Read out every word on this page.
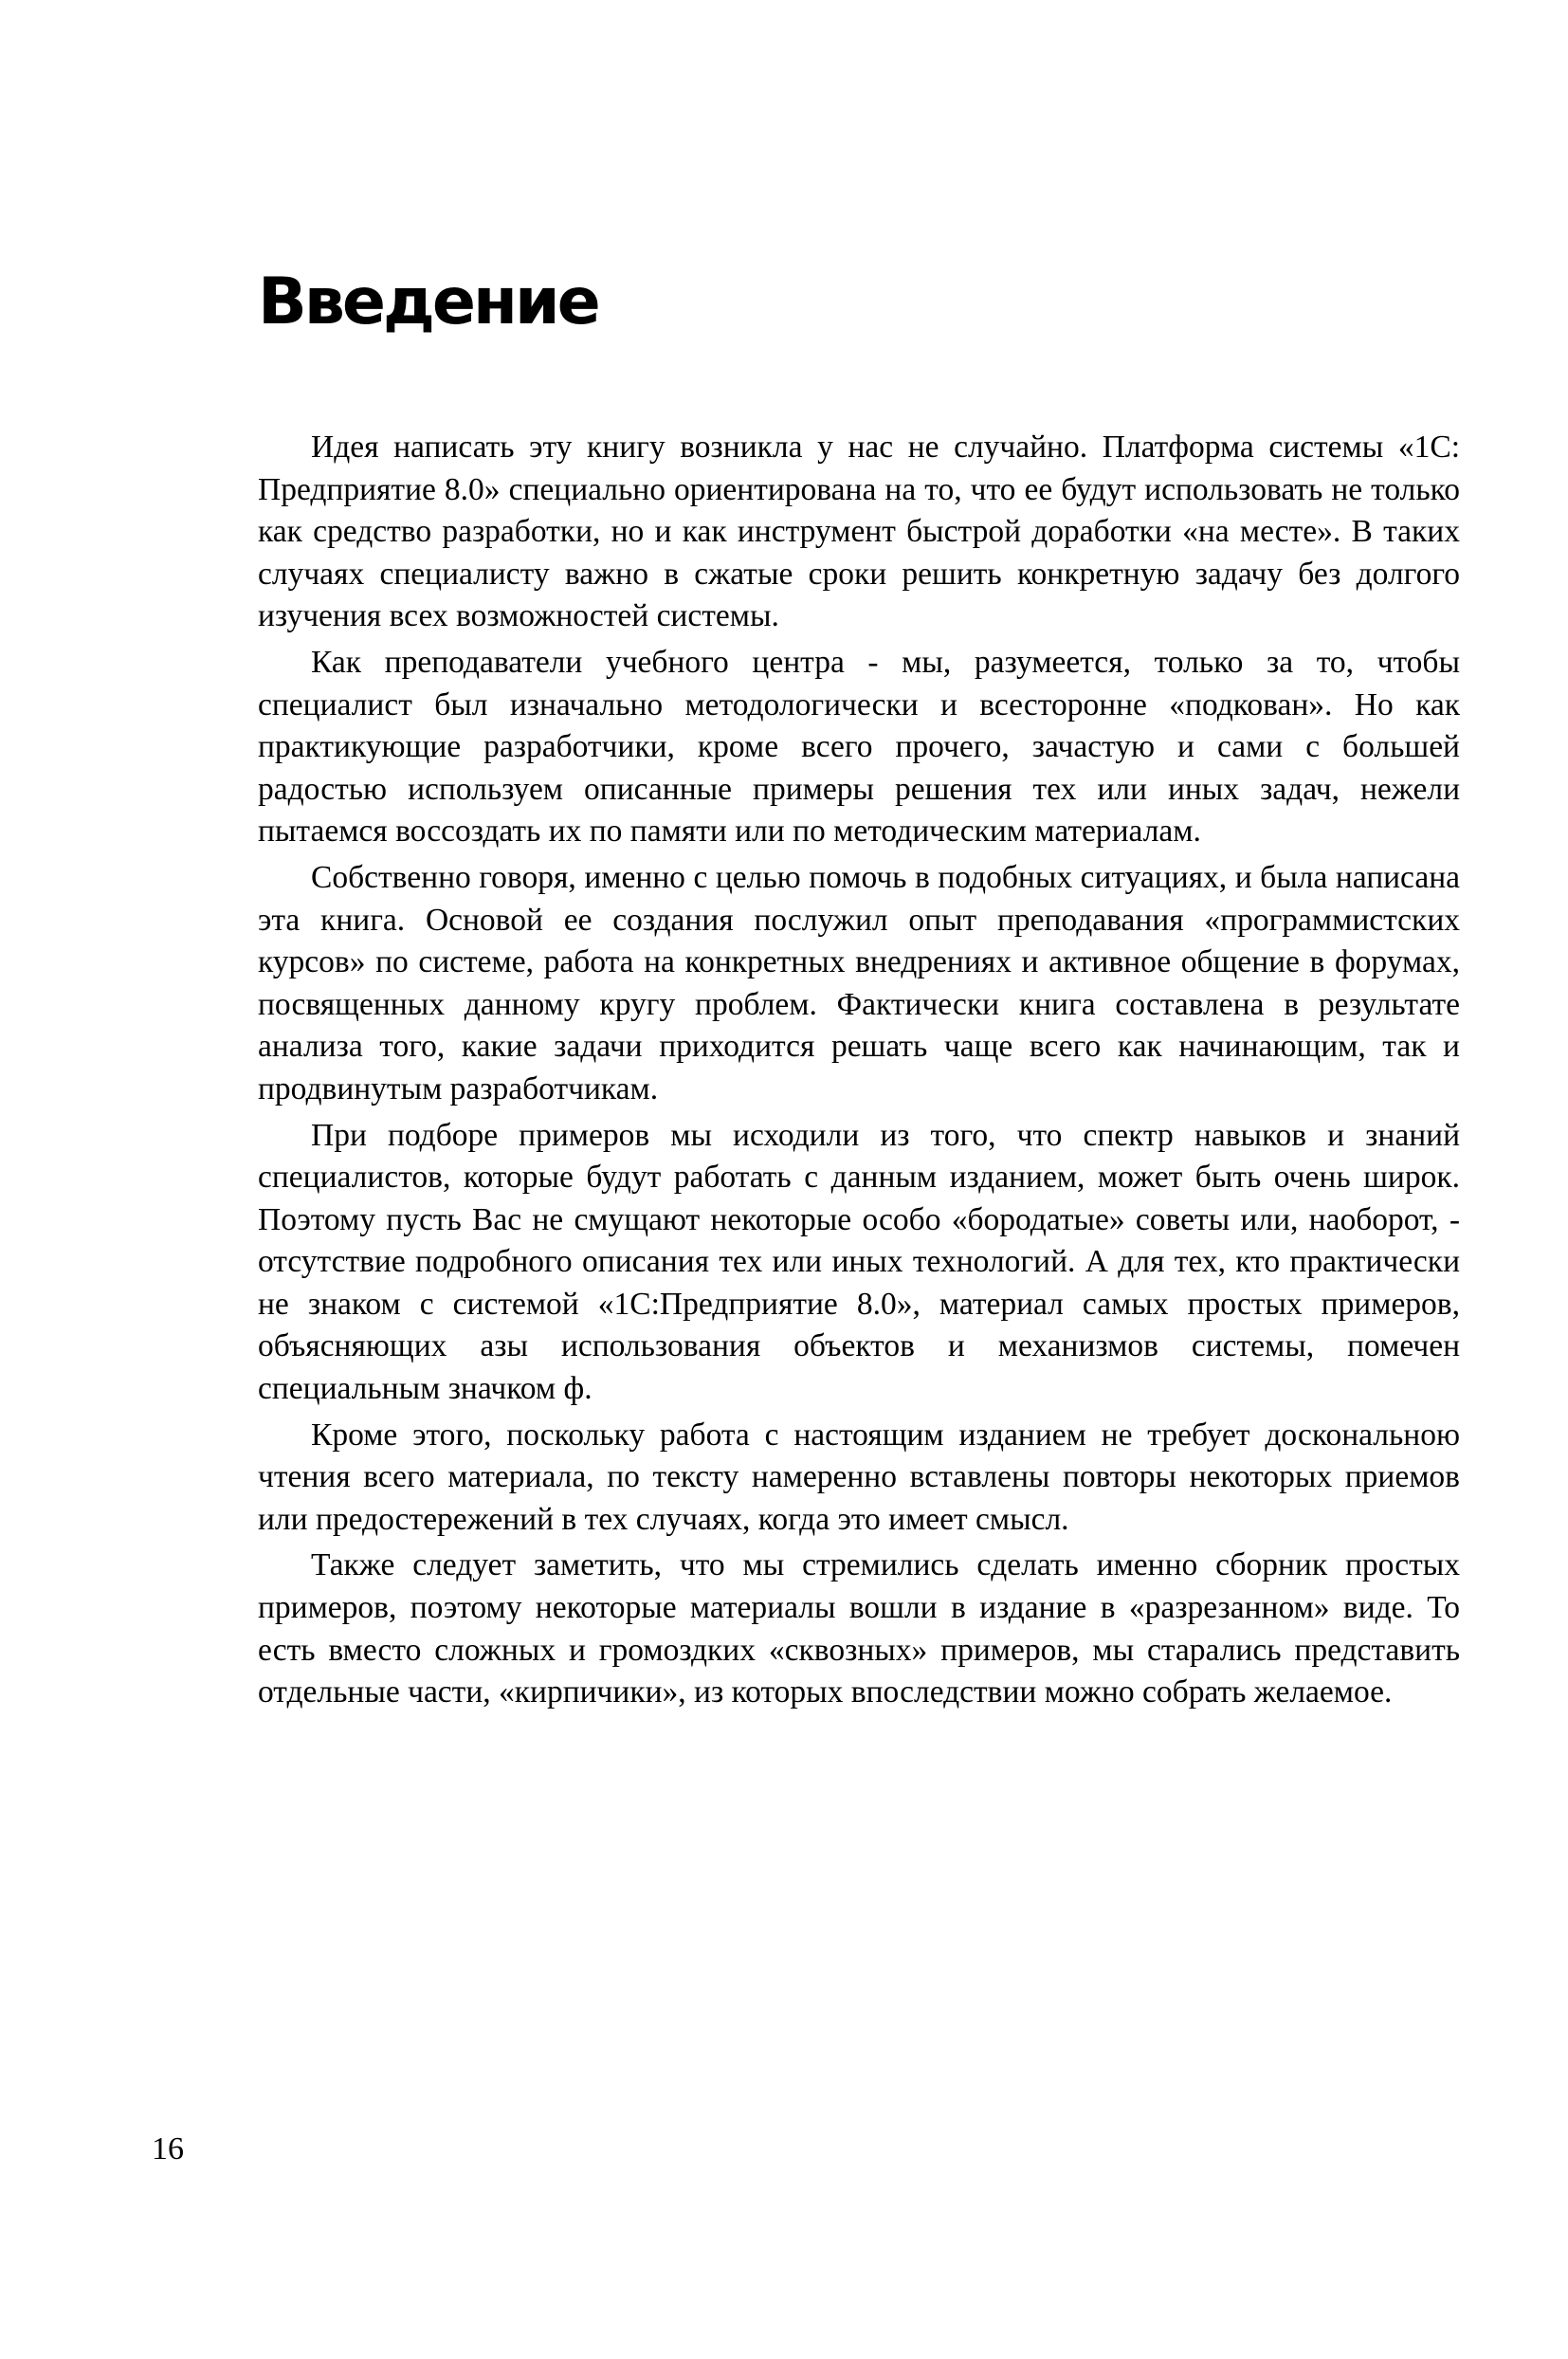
Введение

Идея написать эту книгу возникла у нас не случайно. Платформа системы «1С: Предприятие 8.0» специально ориентирована на то, что ее будут использовать не только как средство разработки, но и как инструмент быстрой доработки «на месте». В таких случаях специалисту важно в сжатые сроки решить конкретную задачу без долгого изучения всех возможностей системы.

Как преподаватели учебного центра - мы, разумеется, только за то, чтобы специалист был изначально методологически и всесторонне «подкован». Но как практикующие разработчики, кроме всего прочего, зачастую и сами с большей радостью используем описанные примеры решения тех или иных задач, нежели пытаемся воссоздать их по памяти или по методическим материалам.

Собственно говоря, именно с целью помочь в подобных ситуациях, и была написана эта книга. Основой ее создания послужил опыт преподавания «программистских курсов» по системе, работа на конкретных внедрениях и активное общение в форумах, посвященных данному кругу проблем. Фактически книга составлена в результате анализа того, какие задачи приходится решать чаще всего как начинающим, так и продвинутым разработчикам.

При подборе примеров мы исходили из того, что спектр навыков и знаний специалистов, которые будут работать с данным изданием, может быть очень широк. Поэтому пусть Вас не смущают некоторые особо «бородатые» советы или, наоборот, - отсутствие подробного описания тех или иных технологий. А для тех, кто практически не знаком с системой «1С:Предприятие 8.0», материал самых простых примеров, объясняющих азы использования объектов и механизмов системы, помечен специальным значком ф.

Кроме этого, поскольку работа с настоящим изданием не требует доскональною чтения всего материала, по тексту намеренно вставлены повторы некоторых приемов или предостережений в тех случаях, когда это имеет смысл.

Также следует заметить, что мы стремились сделать именно сборник простых примеров, поэтому некоторые материалы вошли в издание в «разрезанном» виде. То есть вместо сложных и громоздких «сквозных» примеров, мы старались представить отдельные части, «кирпичики», из которых впоследствии можно собрать желаемое.

16
